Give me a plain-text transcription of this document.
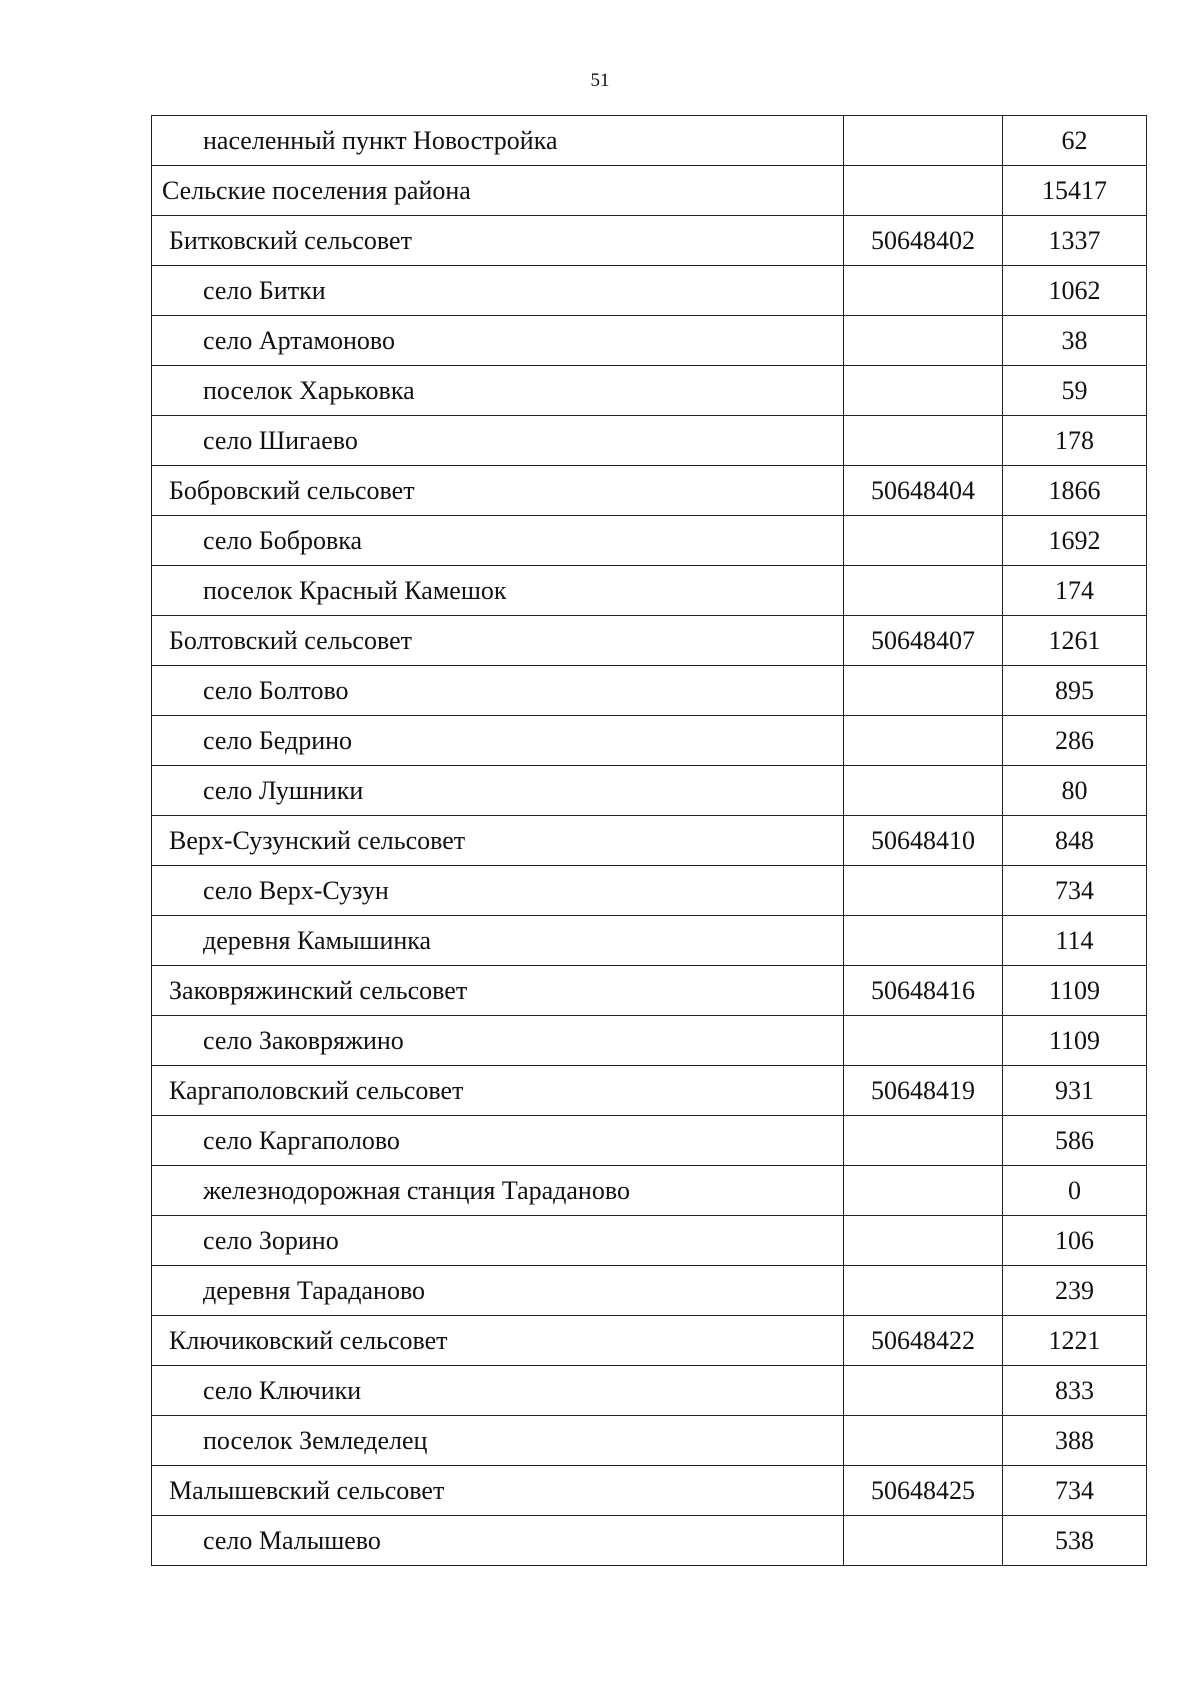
51
населенный пункт Новостройка		62
Сельские поселения района		15417
Битковский сельсовет	50648402	1337
село Битки		1062
село Артамоново		38
поселок Харьковка		59
село Шигаево		178
Бобровский сельсовет	50648404	1866
село Бобровка		1692
поселок Красный Камешок		174
Болтовский сельсовет	50648407	1261
село Болтово		895
село Бедрино		286
село Лушники		80
Верх-Сузунский сельсовет	50648410	848
село Верх-Сузун		734
деревня Камышинка		114
Заковряжинский сельсовет	50648416	1109
село Заковряжино		1109
Каргаполовский сельсовет	50648419	931
село Каргаполово		586
железнодорожная станция Тараданово		0
село Зорино		106
деревня Тараданово		239
Ключиковский сельсовет	50648422	1221
село Ключики		833
поселок Земледелец		388
Малышевский сельсовет	50648425	734
село Малышево		538
